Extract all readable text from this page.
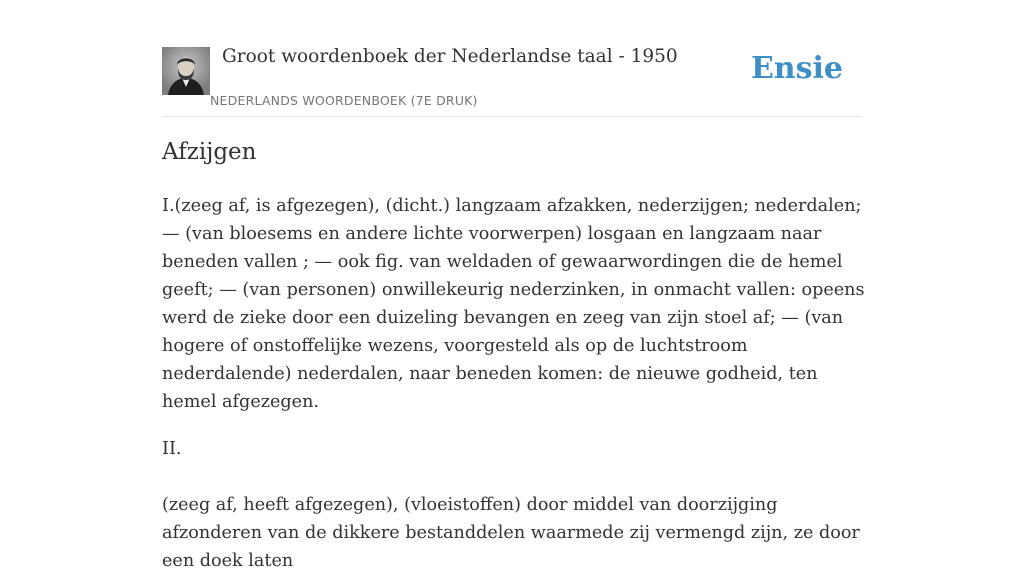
Groot woordenboek der Nederlandse taal - 1950
NEDERLANDS WOORDENBOEK (7E DRUK)
Ensie
Afzijgen

I.(zeeg af, is afgezegen), (dicht.) langzaam afzakken, nederzijgen; nederdalen; — (van bloesems en andere lichte voorwerpen) losgaan en langzaam naar beneden vallen ; — ook fig. van weldaden of gewaarwordingen die de hemel geeft; — (van personen) onwillekeurig nederzinken, in onmacht vallen: opeens werd de zieke door een duizeling bevangen en zeeg van zijn stoel af; — (van hogere of onstoffelijke wezens, voorgesteld als op de luchtstroom nederdalende) nederdalen, naar beneden komen: de nieuwe godheid, ten hemel afgezegen.

II.

(zeeg af, heeft afgezegen), (vloeistoffen) door middel van doorzijging afzonderen van de dikkere bestanddelen waarmede zij vermengd zijn, ze door een doek laten
